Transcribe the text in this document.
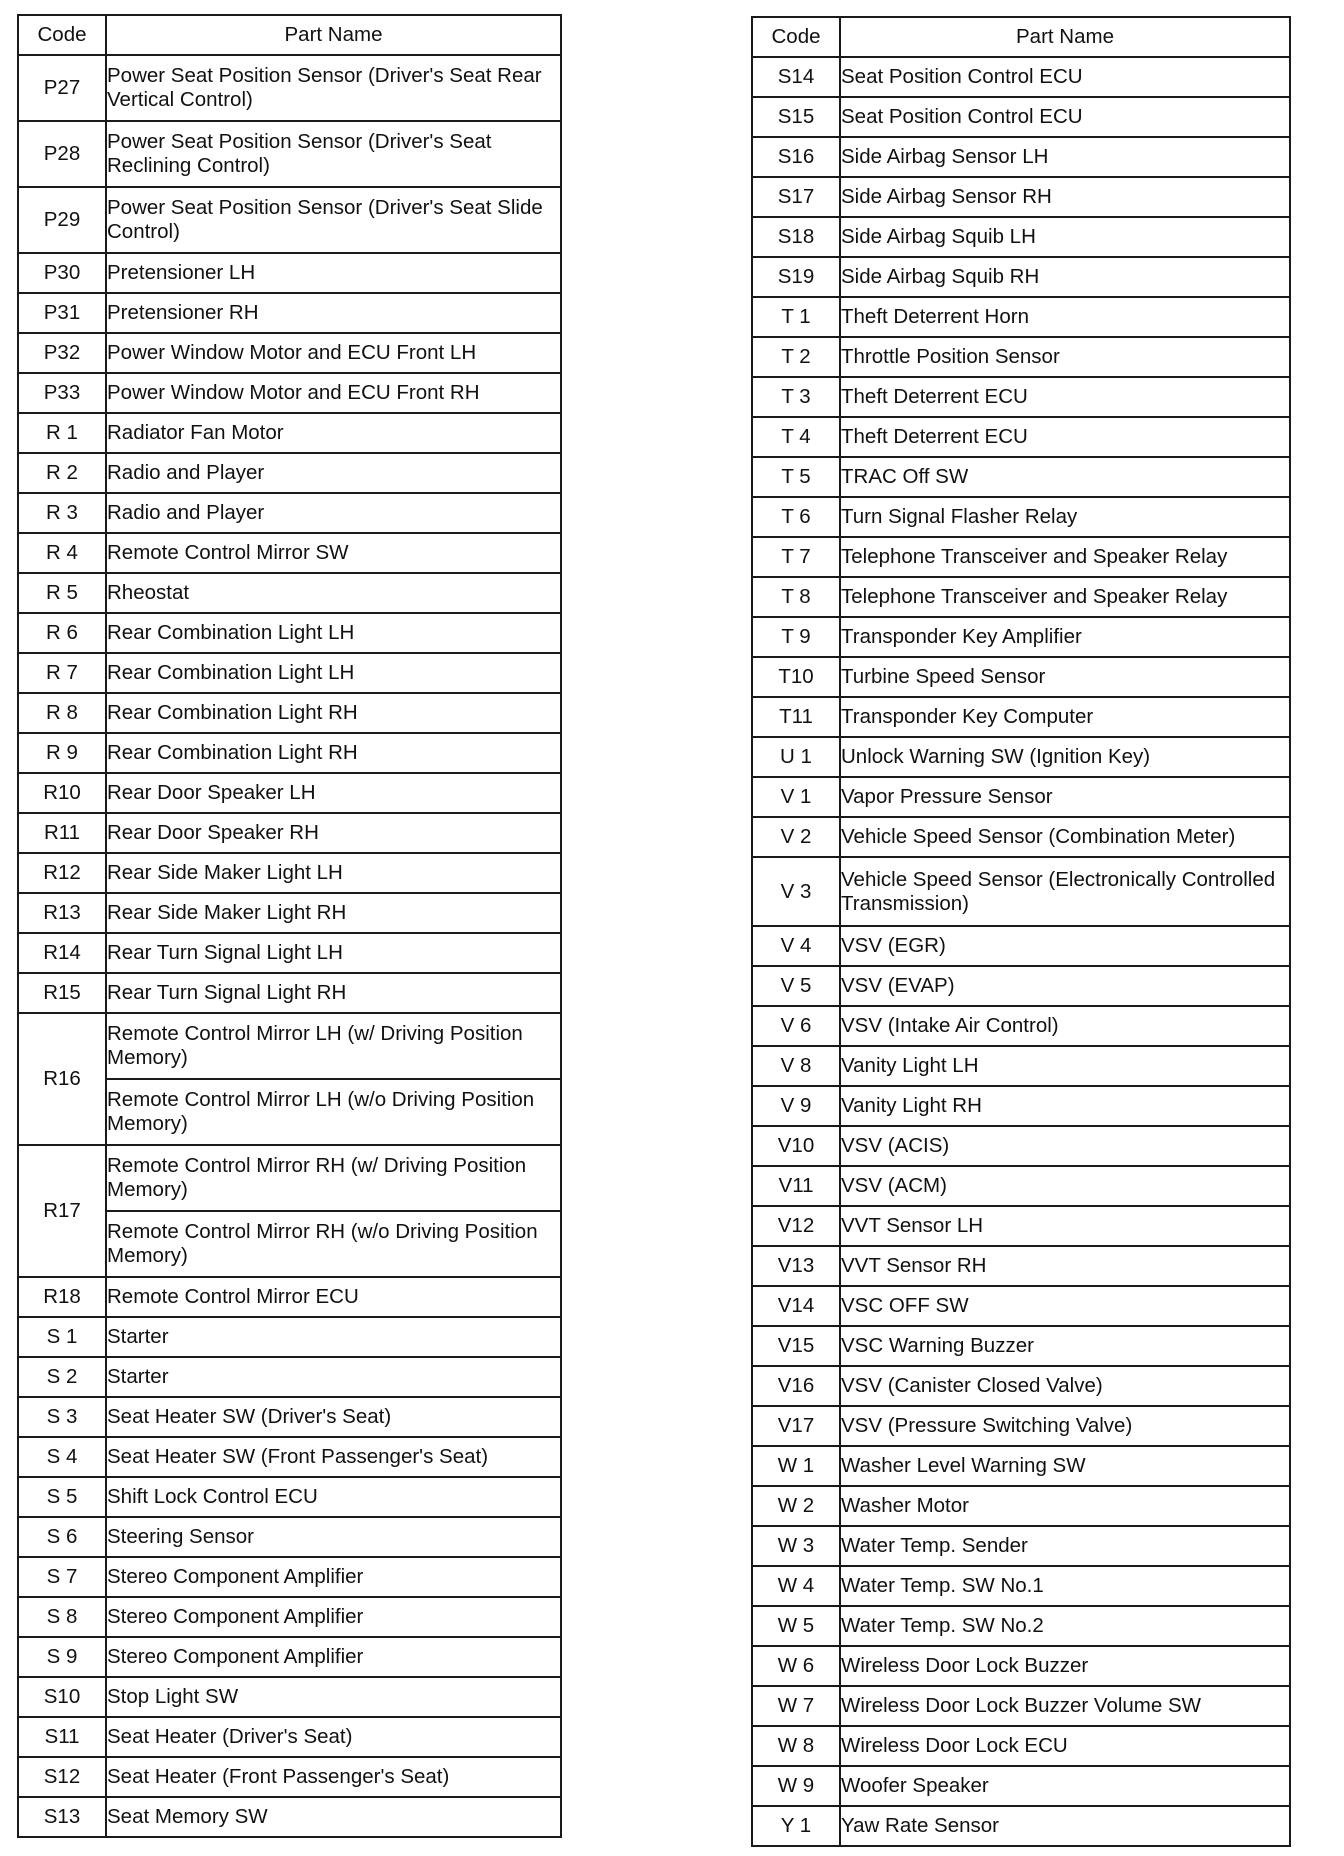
Code	Part Name
P27	Power Seat Position Sensor (Driver's Seat Rear Vertical Control)
P28	Power Seat Position Sensor (Driver's Seat Reclining Control)
P29	Power Seat Position Sensor (Driver's Seat Slide Control)
P30	Pretensioner LH
P31	Pretensioner RH
P32	Power Window Motor and ECU Front LH
P33	Power Window Motor and ECU Front RH
R 1	Radiator Fan Motor
R 2	Radio and Player
R 3	Radio and Player
R 4	Remote Control Mirror SW
R 5	Rheostat
R 6	Rear Combination Light LH
R 7	Rear Combination Light LH
R 8	Rear Combination Light RH
R 9	Rear Combination Light RH
R10	Rear Door Speaker LH
R11	Rear Door Speaker RH
R12	Rear Side Maker Light LH
R13	Rear Side Maker Light RH
R14	Rear Turn Signal Light LH
R15	Rear Turn Signal Light RH
R16	Remote Control Mirror LH (w/ Driving Position Memory)
	Remote Control Mirror LH (w/o Driving Position Memory)
R17	Remote Control Mirror RH (w/ Driving Position Memory)
	Remote Control Mirror RH (w/o Driving Position Memory)
R18	Remote Control Mirror ECU
S 1	Starter
S 2	Starter
S 3	Seat Heater SW (Driver's Seat)
S 4	Seat Heater SW (Front Passenger's Seat)
S 5	Shift Lock Control ECU
S 6	Steering Sensor
S 7	Stereo Component Amplifier
S 8	Stereo Component Amplifier
S 9	Stereo Component Amplifier
S10	Stop Light SW
S11	Seat Heater (Driver's Seat)
S12	Seat Heater (Front Passenger's Seat)
S13	Seat Memory SW
Code	Part Name
S14	Seat Position Control ECU
S15	Seat Position Control ECU
S16	Side Airbag Sensor LH
S17	Side Airbag Sensor RH
S18	Side Airbag Squib LH
S19	Side Airbag Squib RH
T 1	Theft Deterrent Horn
T 2	Throttle Position Sensor
T 3	Theft Deterrent ECU
T 4	Theft Deterrent ECU
T 5	TRAC Off SW
T 6	Turn Signal Flasher Relay
T 7	Telephone Transceiver and Speaker Relay
T 8	Telephone Transceiver and Speaker Relay
T 9	Transponder Key Amplifier
T10	Turbine Speed Sensor
T11	Transponder Key Computer
U 1	Unlock Warning SW (Ignition Key)
V 1	Vapor Pressure Sensor
V 2	Vehicle Speed Sensor (Combination Meter)
V 3	Vehicle Speed Sensor (Electronically Controlled Transmission)
V 4	VSV (EGR)
V 5	VSV (EVAP)
V 6	VSV (Intake Air Control)
V 8	Vanity Light LH
V 9	Vanity Light RH
V10	VSV (ACIS)
V11	VSV (ACM)
V12	VVT Sensor LH
V13	VVT Sensor RH
V14	VSC OFF SW
V15	VSC Warning Buzzer
V16	VSV (Canister Closed Valve)
V17	VSV (Pressure Switching Valve)
W 1	Washer Level Warning SW
W 2	Washer Motor
W 3	Water Temp. Sender
W 4	Water Temp. SW No.1
W 5	Water Temp. SW No.2
W 6	Wireless Door Lock Buzzer
W 7	Wireless Door Lock Buzzer Volume SW
W 8	Wireless Door Lock ECU
W 9	Woofer Speaker
Y 1	Yaw Rate Sensor
